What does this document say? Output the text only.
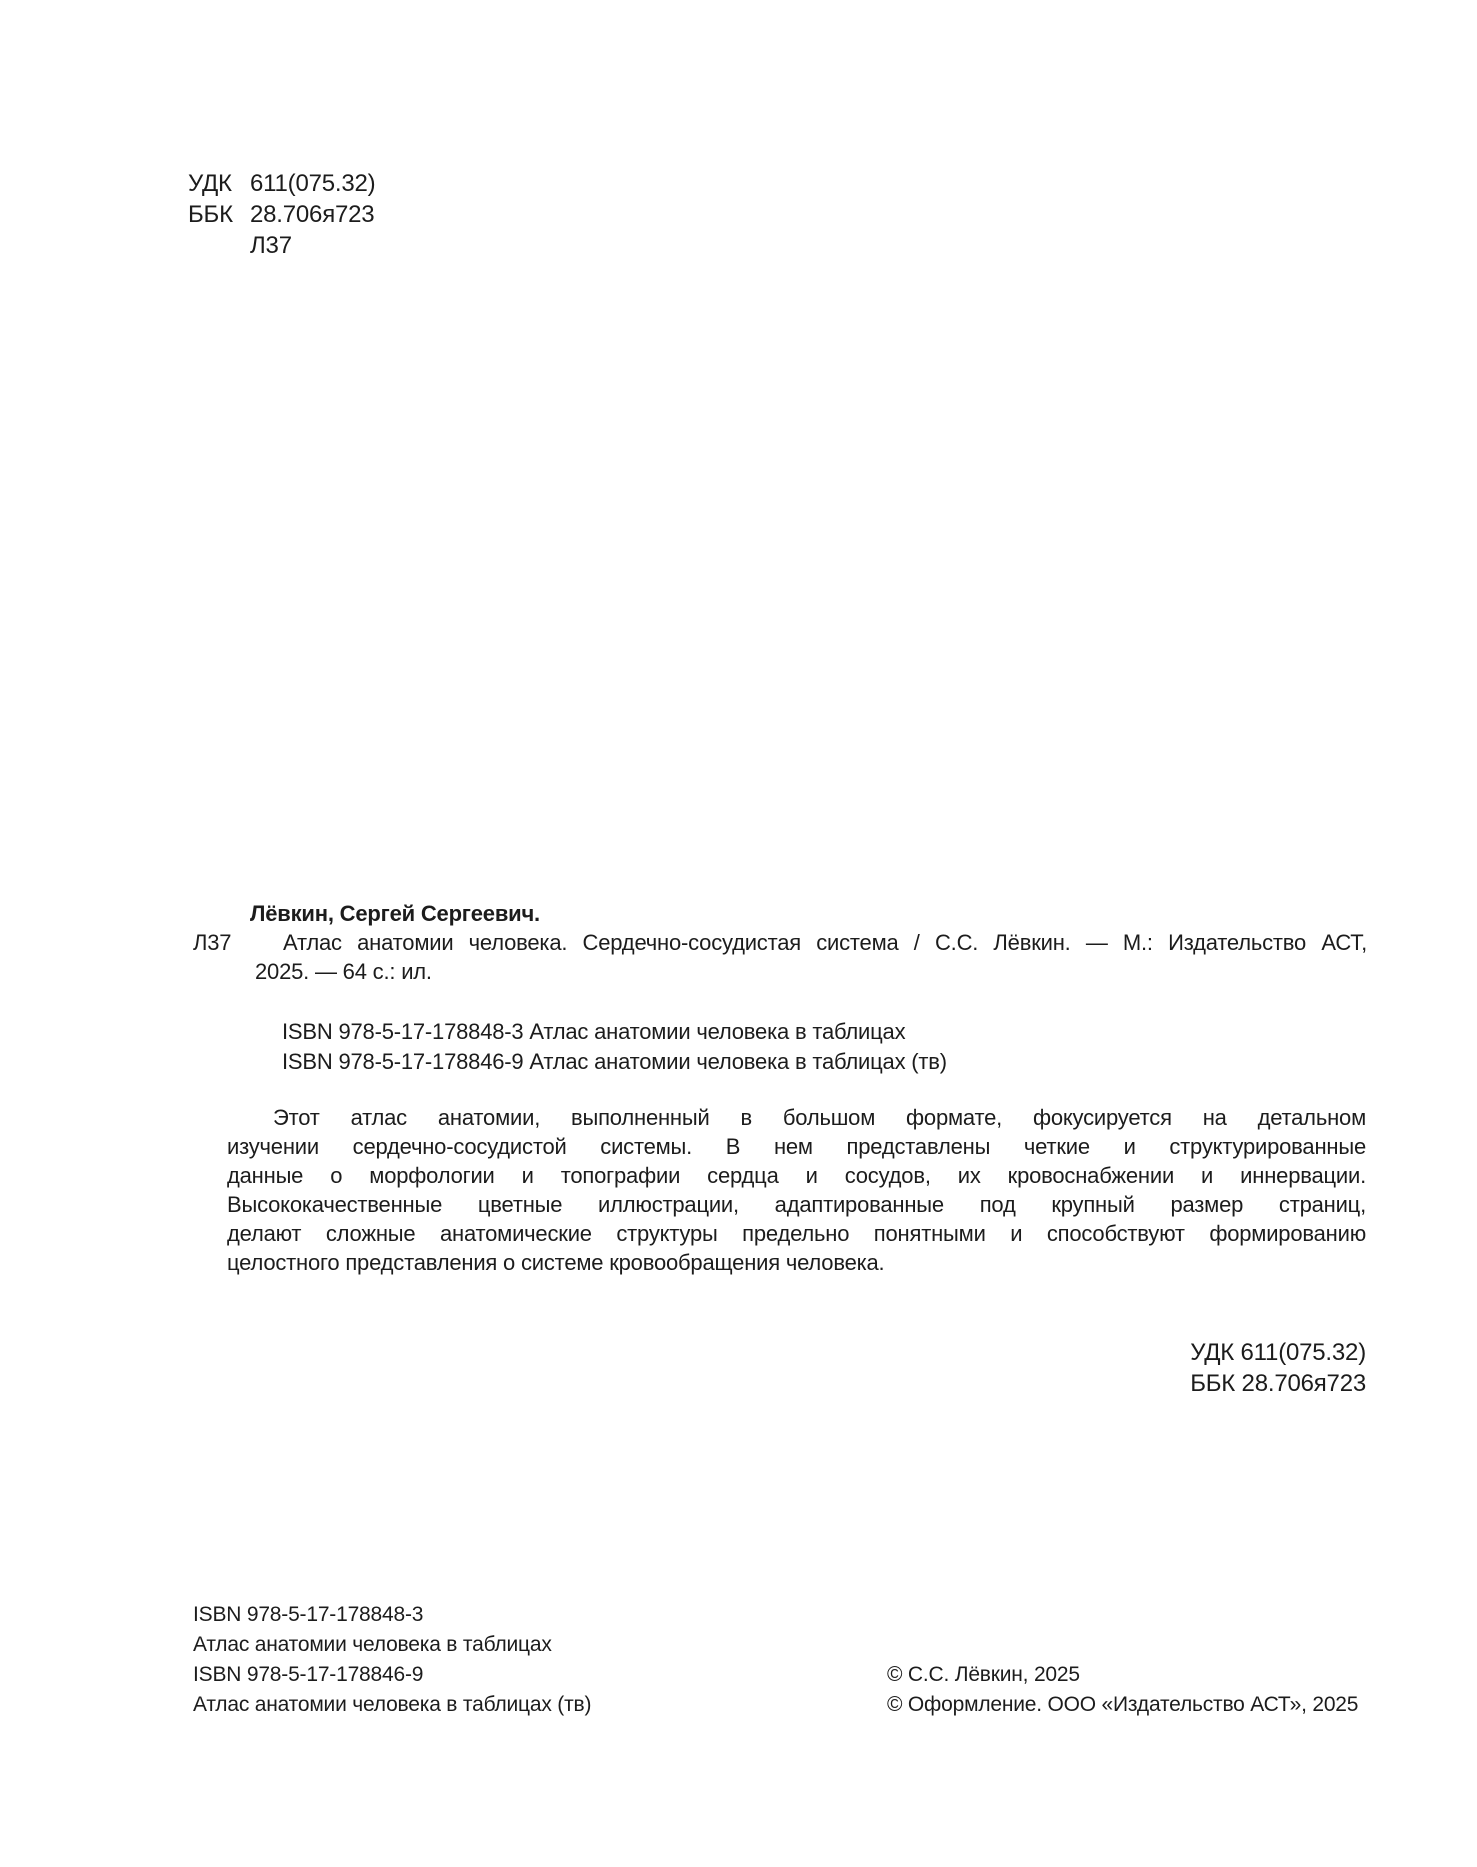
УДК 611(075.32)
ББК 28.706я723
Л37
Лёвкин, Сергей Сергеевич.
Л37 Атлас анатомии человека. Сердечно-сосудистая система / С.С. Лёвкин. — М.: Издательство АСТ,
2025. — 64 с.: ил.
ISBN 978-5-17-178848-3 Атлас анатомии человека в таблицах
ISBN 978-5-17-178846-9 Атлас анатомии человека в таблицах (тв)
Этот атлас анатомии, выполненный в большом формате, фокусируется на детальном
изучении сердечно-сосудистой системы. В нем представлены четкие и структурированные
данные о морфологии и топографии сердца и сосудов, их кровоснабжении и иннервации.
Высококачественные цветные иллюстрации, адаптированные под крупный размер страниц,
делают сложные анатомические структуры предельно понятными и способствуют формированию
целостного представления о системе кровообращения человека.
УДК 611(075.32)
ББК 28.706я723
ISBN 978-5-17-178848-3
Атлас анатомии человека в таблицах
ISBN 978-5-17-178846-9
Атлас анатомии человека в таблицах (тв)
© С.С. Лёвкин, 2025
© Оформление. ООО «Издательство АСТ», 2025
